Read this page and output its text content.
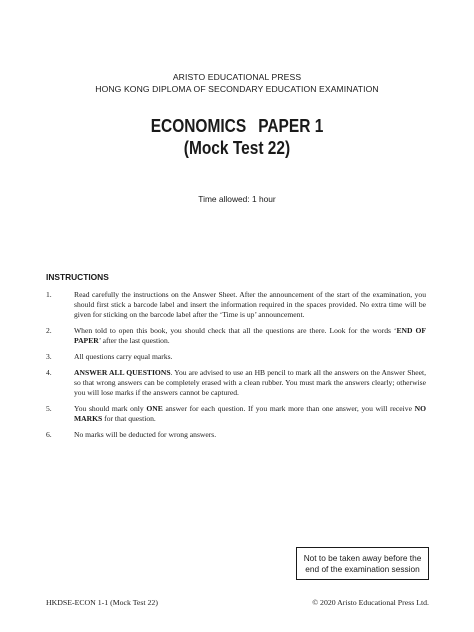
ARISTO EDUCATIONAL PRESS
HONG KONG DIPLOMA OF SECONDARY EDUCATION EXAMINATION
ECONOMICS PAPER 1
(Mock Test 22)
Time allowed: 1 hour
INSTRUCTIONS
1.	Read carefully the instructions on the Answer Sheet. After the announcement of the start of the examination, you should first stick a barcode label and insert the information required in the spaces provided. No extra time will be given for sticking on the barcode label after the ‘Time is up’ announcement.
2.	When told to open this book, you should check that all the questions are there. Look for the words ‘END OF PAPER’ after the last question.
3.	All questions carry equal marks.
4.	ANSWER ALL QUESTIONS. You are advised to use an HB pencil to mark all the answers on the Answer Sheet, so that wrong answers can be completely erased with a clean rubber. You must mark the answers clearly; otherwise you will lose marks if the answers cannot be captured.
5.	You should mark only ONE answer for each question. If you mark more than one answer, you will receive NO MARKS for that question.
6.	No marks will be deducted for wrong answers.
Not to be taken away before the
end of the examination session
HKDSE-ECON 1-1 (Mock Test 22)	© 2020 Aristo Educational Press Ltd.
